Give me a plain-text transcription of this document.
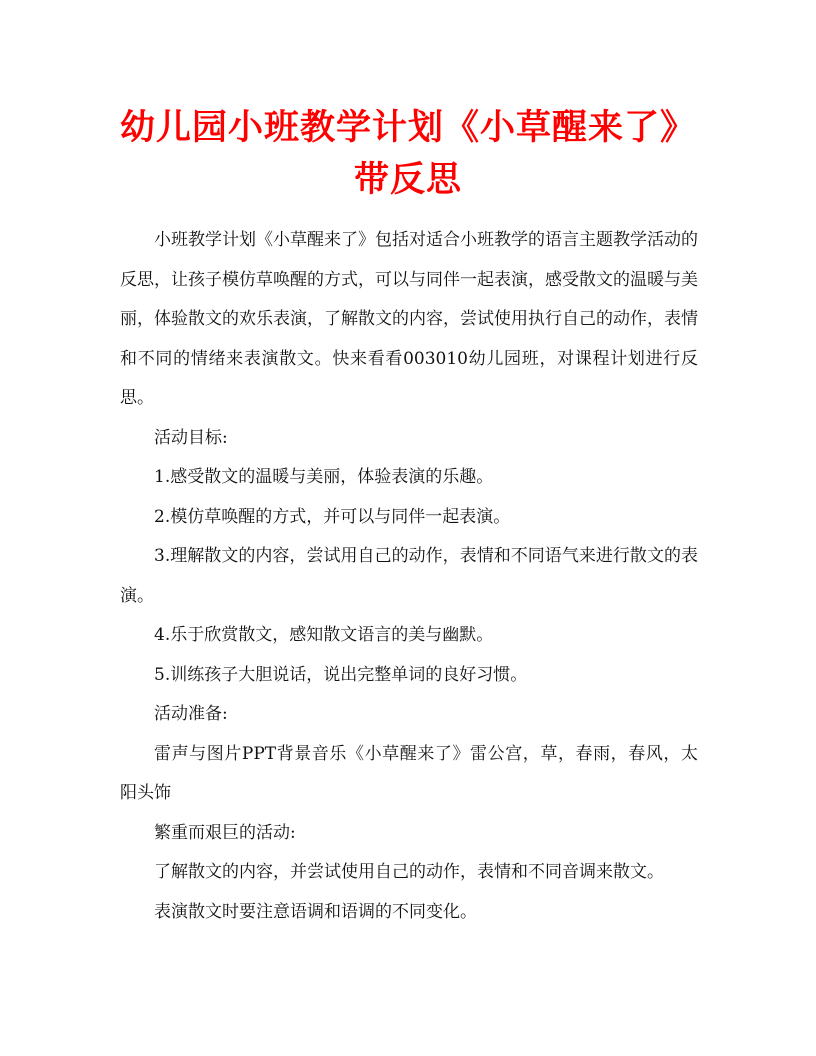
幼儿园小班教学计划《小草醒来了》带反思

小班教学计划《小草醒来了》包括对适合小班教学的语言主题教学活动的反思，让孩子模仿草唤醒的方式，可以与同伴一起表演，感受散文的温暖与美丽，体验散文的欢乐表演，了解散文的内容，尝试使用执行自己的动作，表情和不同的情绪来表演散文。快来看看003010幼儿园班，对课程计划进行反思。

活动目标:

1.感受散文的温暖与美丽，体验表演的乐趣。

2.模仿草唤醒的方式，并可以与同伴一起表演。

3.理解散文的内容，尝试用自己的动作，表情和不同语气来进行散文的表演。

4.乐于欣赏散文，感知散文语言的美与幽默。

5.训练孩子大胆说话，说出完整单词的良好习惯。

活动准备:

雷声与图片PPT背景音乐《小草醒来了》雷公宫，草，春雨，春风，太阳头饰

繁重而艰巨的活动:

了解散文的内容，并尝试使用自己的动作，表情和不同音调来散文。

表演散文时要注意语调和语调的不同变化。
